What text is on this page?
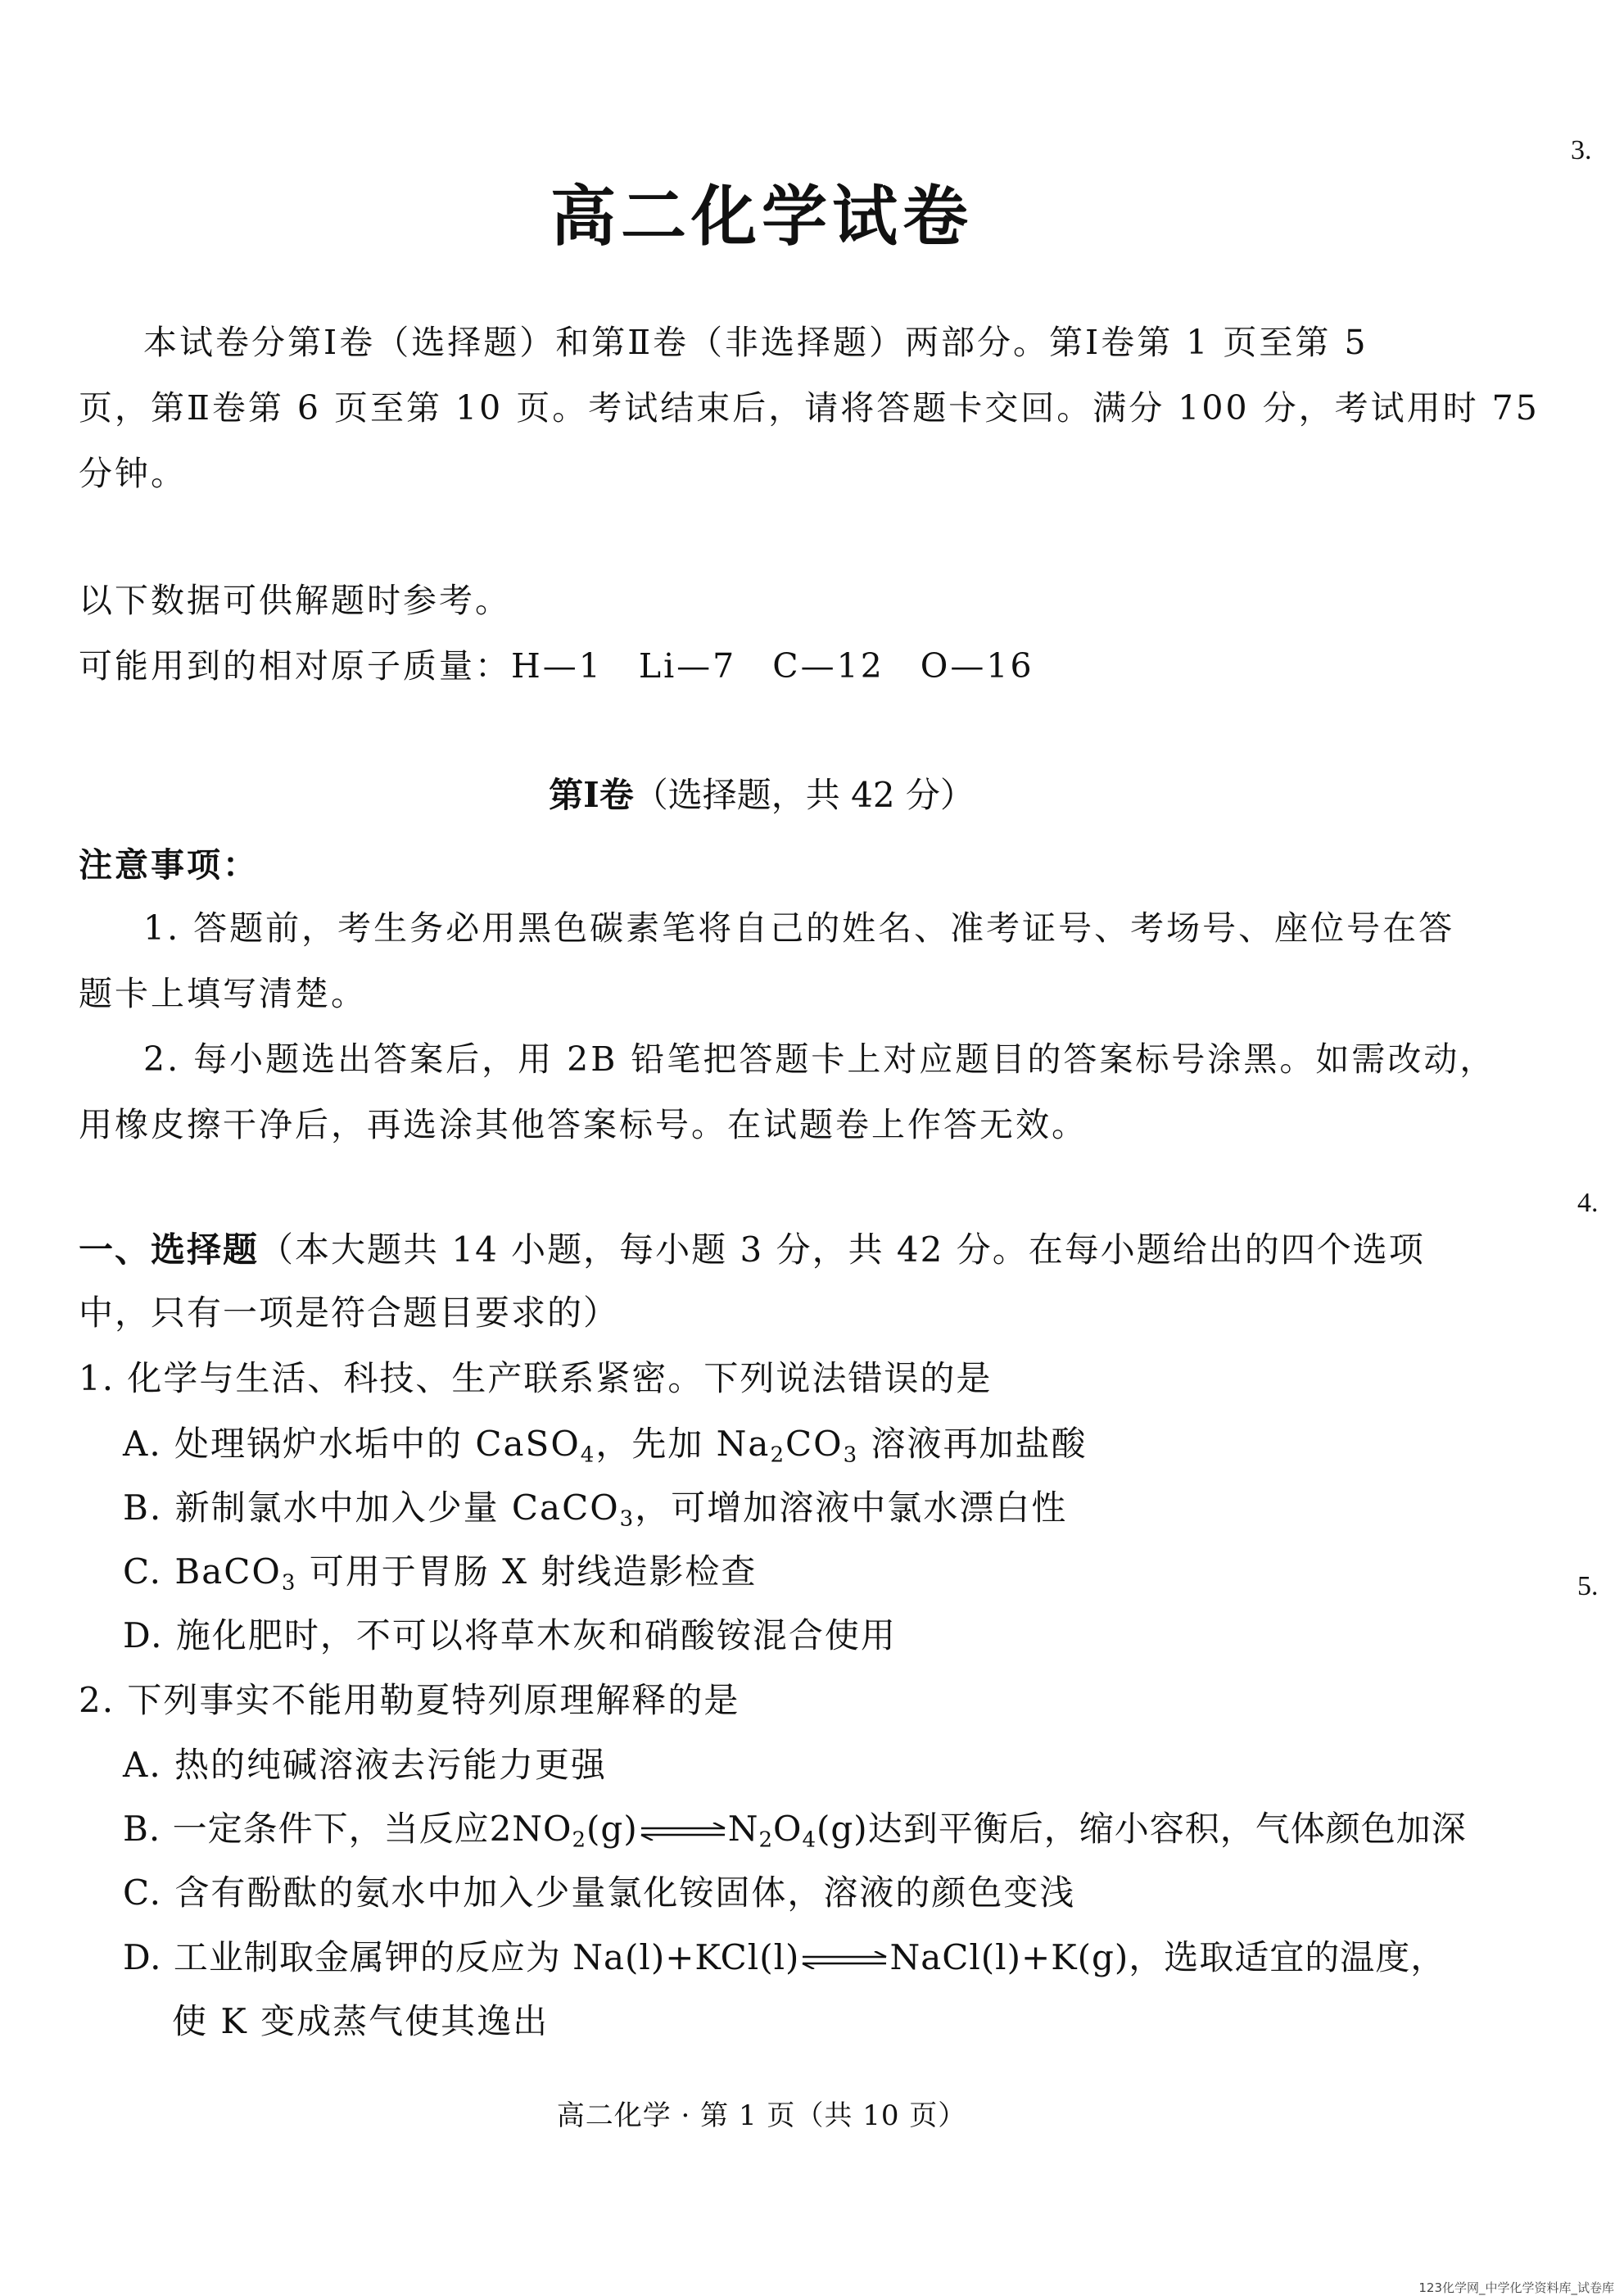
3.
4.
5.
高二化学试卷
本试卷分第Ⅰ卷（选择题）和第Ⅱ卷（非选择题）两部分。第Ⅰ卷第 1 页至第 5
页，第Ⅱ卷第 6 页至第 10 页。考试结束后，请将答题卡交回。满分 100 分，考试用时 75
分钟。
以下数据可供解题时参考。
可能用到的相对原子质量：H—1　Li—7　C—12　O—16
第Ⅰ卷（选择题，共 42 分）
注意事项：
1. 答题前，考生务必用黑色碳素笔将自己的姓名、准考证号、考场号、座位号在答
题卡上填写清楚。
2. 每小题选出答案后，用 2B 铅笔把答题卡上对应题目的答案标号涂黑。如需改动，
用橡皮擦干净后，再选涂其他答案标号。在试题卷上作答无效。
一、选择题（本大题共 14 小题，每小题 3 分，共 42 分。在每小题给出的四个选项
中，只有一项是符合题目要求的）
1. 化学与生活、科技、生产联系紧密。下列说法错误的是
A. 处理锅炉水垢中的 CaSO$_4$，先加 $Na_2CO_3$ 溶液再加盐酸
B. 新制氯水中加入少量 CaCO$_3$，可增加溶液中氯水漂白性
C. BaCO$_3$ 可用于胃肠 X 射线造影检查
D. 施化肥时，不可以将草木灰和硝酸铵混合使用
2. 下列事实不能用勒夏特列原理解释的是
A. 热的纯碱溶液去污能力更强
B. 一定条件下，当反应$2NO_2(g)\rightleftharpoons N_2O_4(g)$达到平衡后，缩小容积，气体颜色加深
C. 含有酚酞的氨水中加入少量氯化铵固体，溶液的颜色变浅
D. 工业制取金属钾的反应为 Na(l)+KCl(l)⇌NaCl(l)+K(g)，选取适宜的温度，
使 K 变成蒸气使其逸出
高二化学 · 第 1 页（共 10 页）
123化学网_中学化学资料库_试卷库
